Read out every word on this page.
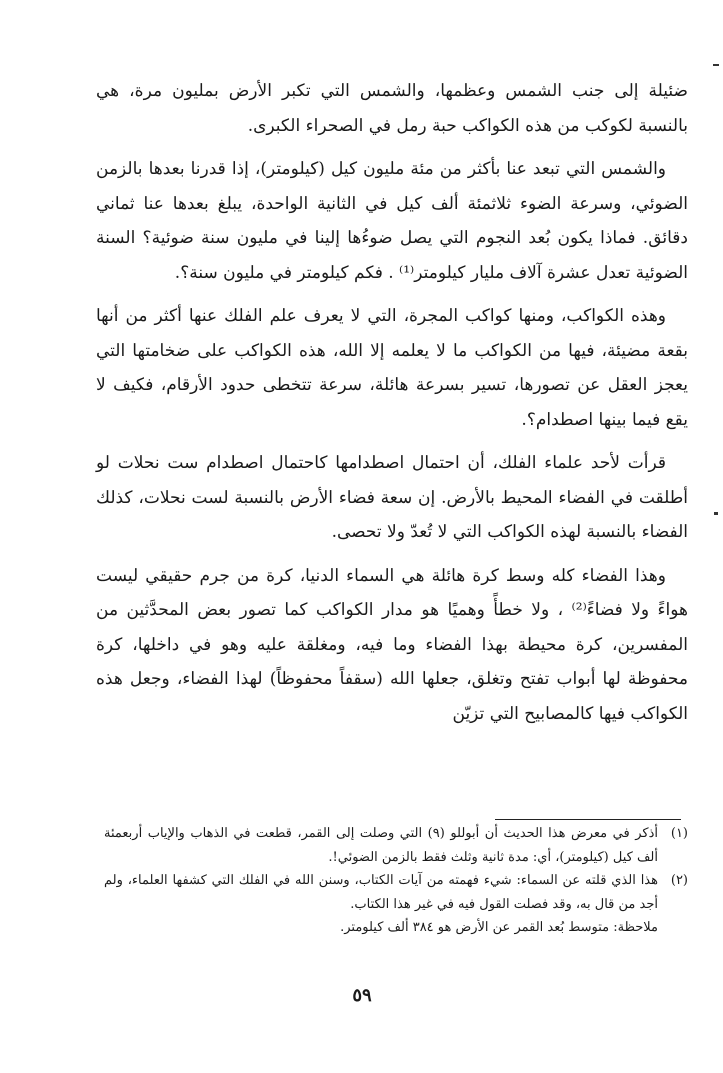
ضئيلة إلى جنب الشمس وعظمها، والشمس التي تكبر الأرض بمليون مرة، هي بالنسبة لكوكب من هذه الكواكب حبة رمل في الصحراء الكبرى.

والشمس التي تبعد عنا بأكثر من مئة مليون كيل (كيلومتر)، إذا قدرنا بعدها بالزمن الضوئي، وسرعة الضوء ثلاثمئة ألف كيل في الثانية الواحدة، يبلغ بعدها عنا ثماني دقائق. فماذا يكون بُعد النجوم التي يصل ضوءُها إلينا في مليون سنة ضوئية؟ السنة الضوئية تعدل عشرة آلاف مليار كيلومتر⁽¹⁾ . فكم كيلومتر في مليون سنة؟.

وهذه الكواكب، ومنها كواكب المجرة، التي لا يعرف علم الفلك عنها أكثر من أنها بقعة مضيئة، فيها من الكواكب ما لا يعلمه إلا الله، هذه الكواكب على ضخامتها التي يعجز العقل عن تصورها، تسير بسرعة هائلة، سرعة تتخطى حدود الأرقام، فكيف لا يقع فيما بينها اصطدام؟.

قرأت لأحد علماء الفلك، أن احتمال اصطدامها كاحتمال اصطدام ست نحلات لو أطلقت في الفضاء المحيط بالأرض. إن سعة فضاء الأرض بالنسبة لست نحلات، كذلك الفضاء بالنسبة لهذه الكواكب التي لا تُعدّ ولا تحصى.

وهذا الفضاء كله وسط كرة هائلة هي السماء الدنيا، كرة من جرم حقيقي ليست هواءً ولا فضاءً⁽²⁾ ، ولا خطأً وهميًا هو مدار الكواكب كما تصور بعض المحدَّثين من المفسرين، كرة محيطة بهذا الفضاء وما فيه، ومغلقة عليه وهو في داخلها، كرة محفوظة لها أبواب تفتح وتغلق، جعلها الله (سقفاً محفوظاً) لهذا الفضاء، وجعل هذه الكواكب فيها كالمصابيح التي تزيّن

(١)
أذكر في معرض هذا الحديث أن أبوللو (٩) التي وصلت إلى القمر، قطعت في الذهاب والإياب أربعمئة ألف كيل (كيلومتر)، أي: مدة ثانية وثلث فقط بالزمن الضوئي!.
(٢)
هذا الذي قلته عن السماء: شيء فهمته من آيات الكتاب، وسنن الله في الفلك التي كشفها العلماء، ولم أجد من قال به، وقد فصلت القول فيه في غير هذا الكتاب.

ملاحظة: متوسط بُعد القمر عن الأرض هو ٣٨٤ ألف كيلومتر.

٥٩
